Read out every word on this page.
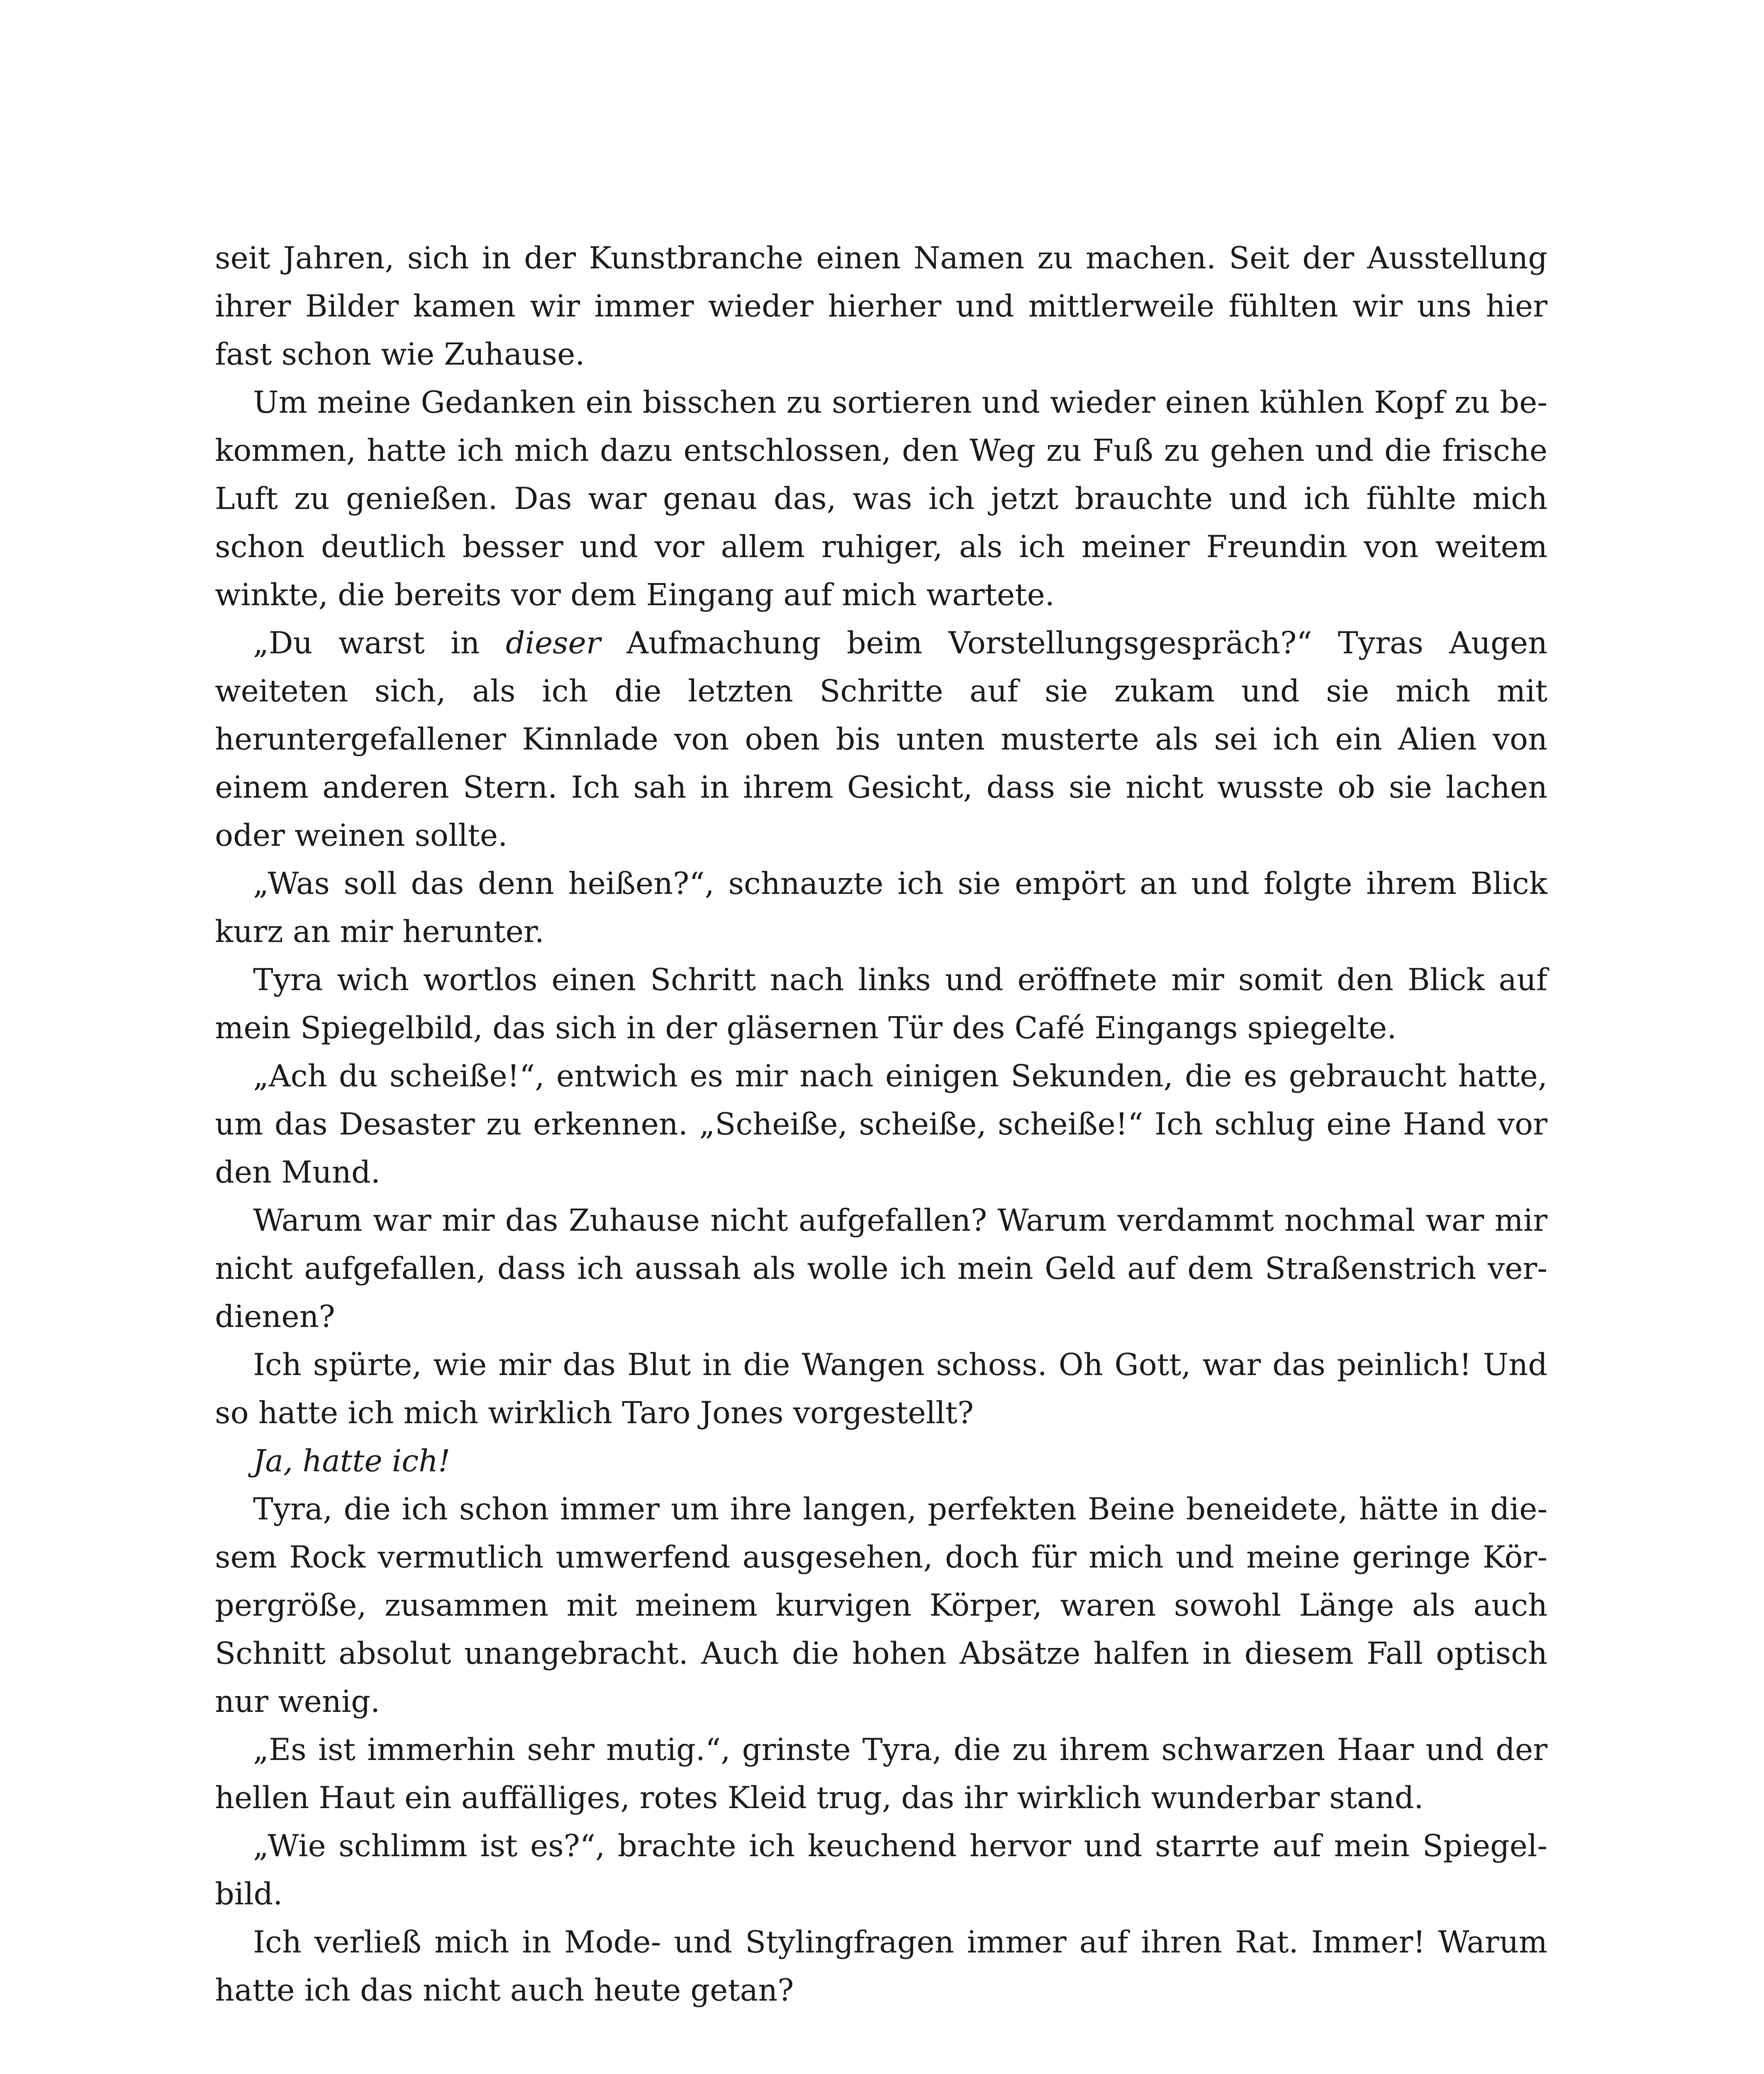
seit Jahren, sich in der Kunstbranche einen Namen zu machen. Seit der Ausstellung ihrer Bilder kamen wir immer wieder hierher und mittlerweile fühlten wir uns hier fast schon wie Zuhause.

Um meine Gedanken ein bisschen zu sortieren und wieder einen kühlen Kopf zu bekommen, hatte ich mich dazu entschlossen, den Weg zu Fuß zu gehen und die frische Luft zu genießen. Das war genau das, was ich jetzt brauchte und ich fühlte mich schon deutlich besser und vor allem ruhiger, als ich meiner Freundin von weitem winkte, die bereits vor dem Eingang auf mich wartete.

„Du warst in dieser Aufmachung beim Vorstellungsgespräch?“ Tyras Augen weiteten sich, als ich die letzten Schritte auf sie zukam und sie mich mit heruntergefallener Kinnlade von oben bis unten musterte als sei ich ein Alien von einem anderen Stern. Ich sah in ihrem Gesicht, dass sie nicht wusste ob sie lachen oder weinen sollte.

„Was soll das denn heißen?“, schnauzte ich sie empört an und folgte ihrem Blick kurz an mir herunter.

Tyra wich wortlos einen Schritt nach links und eröffnete mir somit den Blick auf mein Spiegelbild, das sich in der gläsernen Tür des Café Eingangs spiegelte.

„Ach du scheiße!“, entwich es mir nach einigen Sekunden, die es gebraucht hatte, um das Desaster zu erkennen. „Scheiße, scheiße, scheiße!“ Ich schlug eine Hand vor den Mund.

Warum war mir das Zuhause nicht aufgefallen? Warum verdammt nochmal war mir nicht aufgefallen, dass ich aussah als wolle ich mein Geld auf dem Straßenstrich verdienen?

Ich spürte, wie mir das Blut in die Wangen schoss. Oh Gott, war das peinlich! Und so hatte ich mich wirklich Taro Jones vorgestellt?

Ja, hatte ich!

Tyra, die ich schon immer um ihre langen, perfekten Beine beneidete, hätte in diesem Rock vermutlich umwerfend ausgesehen, doch für mich und meine geringe Körpergröße, zusammen mit meinem kurvigen Körper, waren sowohl Länge als auch Schnitt absolut unangebracht. Auch die hohen Absätze halfen in diesem Fall optisch nur wenig.

„Es ist immerhin sehr mutig.“, grinste Tyra, die zu ihrem schwarzen Haar und der hellen Haut ein auffälliges, rotes Kleid trug, das ihr wirklich wunderbar stand.

„Wie schlimm ist es?“, brachte ich keuchend hervor und starrte auf mein Spiegelbild.

Ich verließ mich in Mode- und Stylingfragen immer auf ihren Rat. Immer! Warum hatte ich das nicht auch heute getan?
